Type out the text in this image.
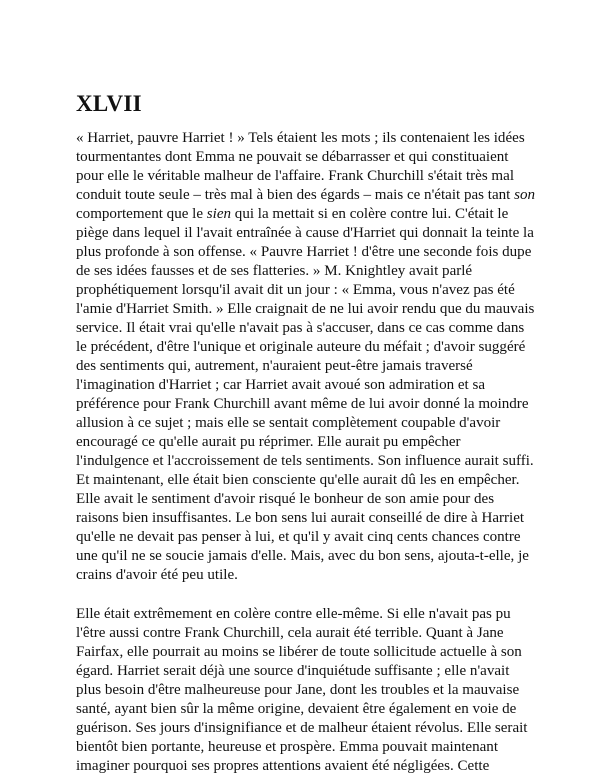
XLVII
« Harriet, pauvre Harriet ! » Tels étaient les mots ; ils contenaient les idées
tourmentantes dont Emma ne pouvait se débarrasser et qui constituaient
pour elle le véritable malheur de l'affaire. Frank Churchill s'était très mal
conduit toute seule – très mal à bien des égards – mais ce n'était pas tant son
comportement que le sien qui la mettait si en colère contre lui. C'était le
piège dans lequel il l'avait entraînée à cause d'Harriet qui donnait la teinte la
plus profonde à son offense. « Pauvre Harriet ! d'être une seconde fois dupe
de ses idées fausses et de ses flatteries. » M. Knightley avait parlé
prophétiquement lorsqu'il avait dit un jour : « Emma, vous n'avez pas été
l'amie d'Harriet Smith. » Elle craignait de ne lui avoir rendu que du mauvais
service. Il était vrai qu'elle n'avait pas à s'accuser, dans ce cas comme dans
le précédent, d'être l'unique et originale auteure du méfait ; d'avoir suggéré
des sentiments qui, autrement, n'auraient peut-être jamais traversé
l'imagination d'Harriet ; car Harriet avait avoué son admiration et sa
préférence pour Frank Churchill avant même de lui avoir donné la moindre
allusion à ce sujet ; mais elle se sentait complètement coupable d'avoir
encouragé ce qu'elle aurait pu réprimer. Elle aurait pu empêcher
l'indulgence et l'accroissement de tels sentiments. Son influence aurait suffi.
Et maintenant, elle était bien consciente qu'elle aurait dû les en empêcher.
Elle avait le sentiment d'avoir risqué le bonheur de son amie pour des
raisons bien insuffisantes. Le bon sens lui aurait conseillé de dire à Harriet
qu'elle ne devait pas penser à lui, et qu'il y avait cinq cents chances contre
une qu'il ne se soucie jamais d'elle. Mais, avec du bon sens, ajouta-t-elle, je
crains d'avoir été peu utile.
Elle était extrêmement en colère contre elle-même. Si elle n'avait pas pu
l'être aussi contre Frank Churchill, cela aurait été terrible. Quant à Jane
Fairfax, elle pourrait au moins se libérer de toute sollicitude actuelle à son
égard. Harriet serait déjà une source d'inquiétude suffisante ; elle n'avait
plus besoin d'être malheureuse pour Jane, dont les troubles et la mauvaise
santé, ayant bien sûr la même origine, devaient être également en voie de
guérison. Ses jours d'insignifiance et de malheur étaient révolus. Elle serait
bientôt bien portante, heureuse et prospère. Emma pouvait maintenant
imaginer pourquoi ses propres attentions avaient été négligées. Cette
